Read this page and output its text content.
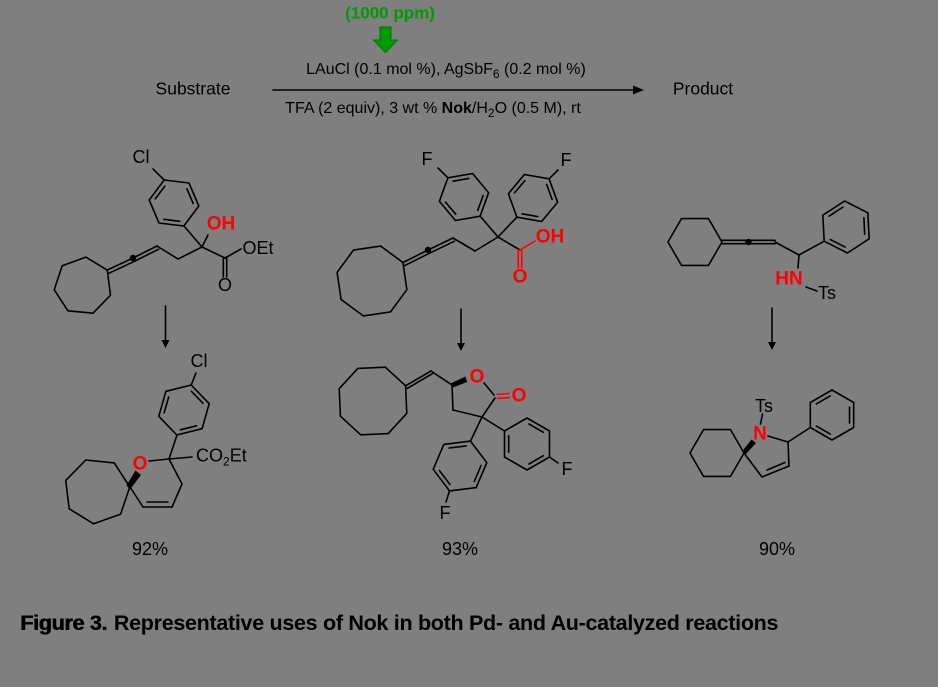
(1000 ppm)
Substrate	Product
LAuCl (0.1 mol %), AgSbF$_6$ (0.2 mol %)
TFA (2 equiv), 3 wt % Nok/$H_2O$ (0.5 M), rt
Cl
OH
OEt
O
F	F
OH
O	HN
Ts
Cl
O	$CO_2Et$
O
O
F
F
Ts
N
92%	93%	90%
Figure 3. Representative uses of Nok in both Pd- and Au-catalyzed reactions
